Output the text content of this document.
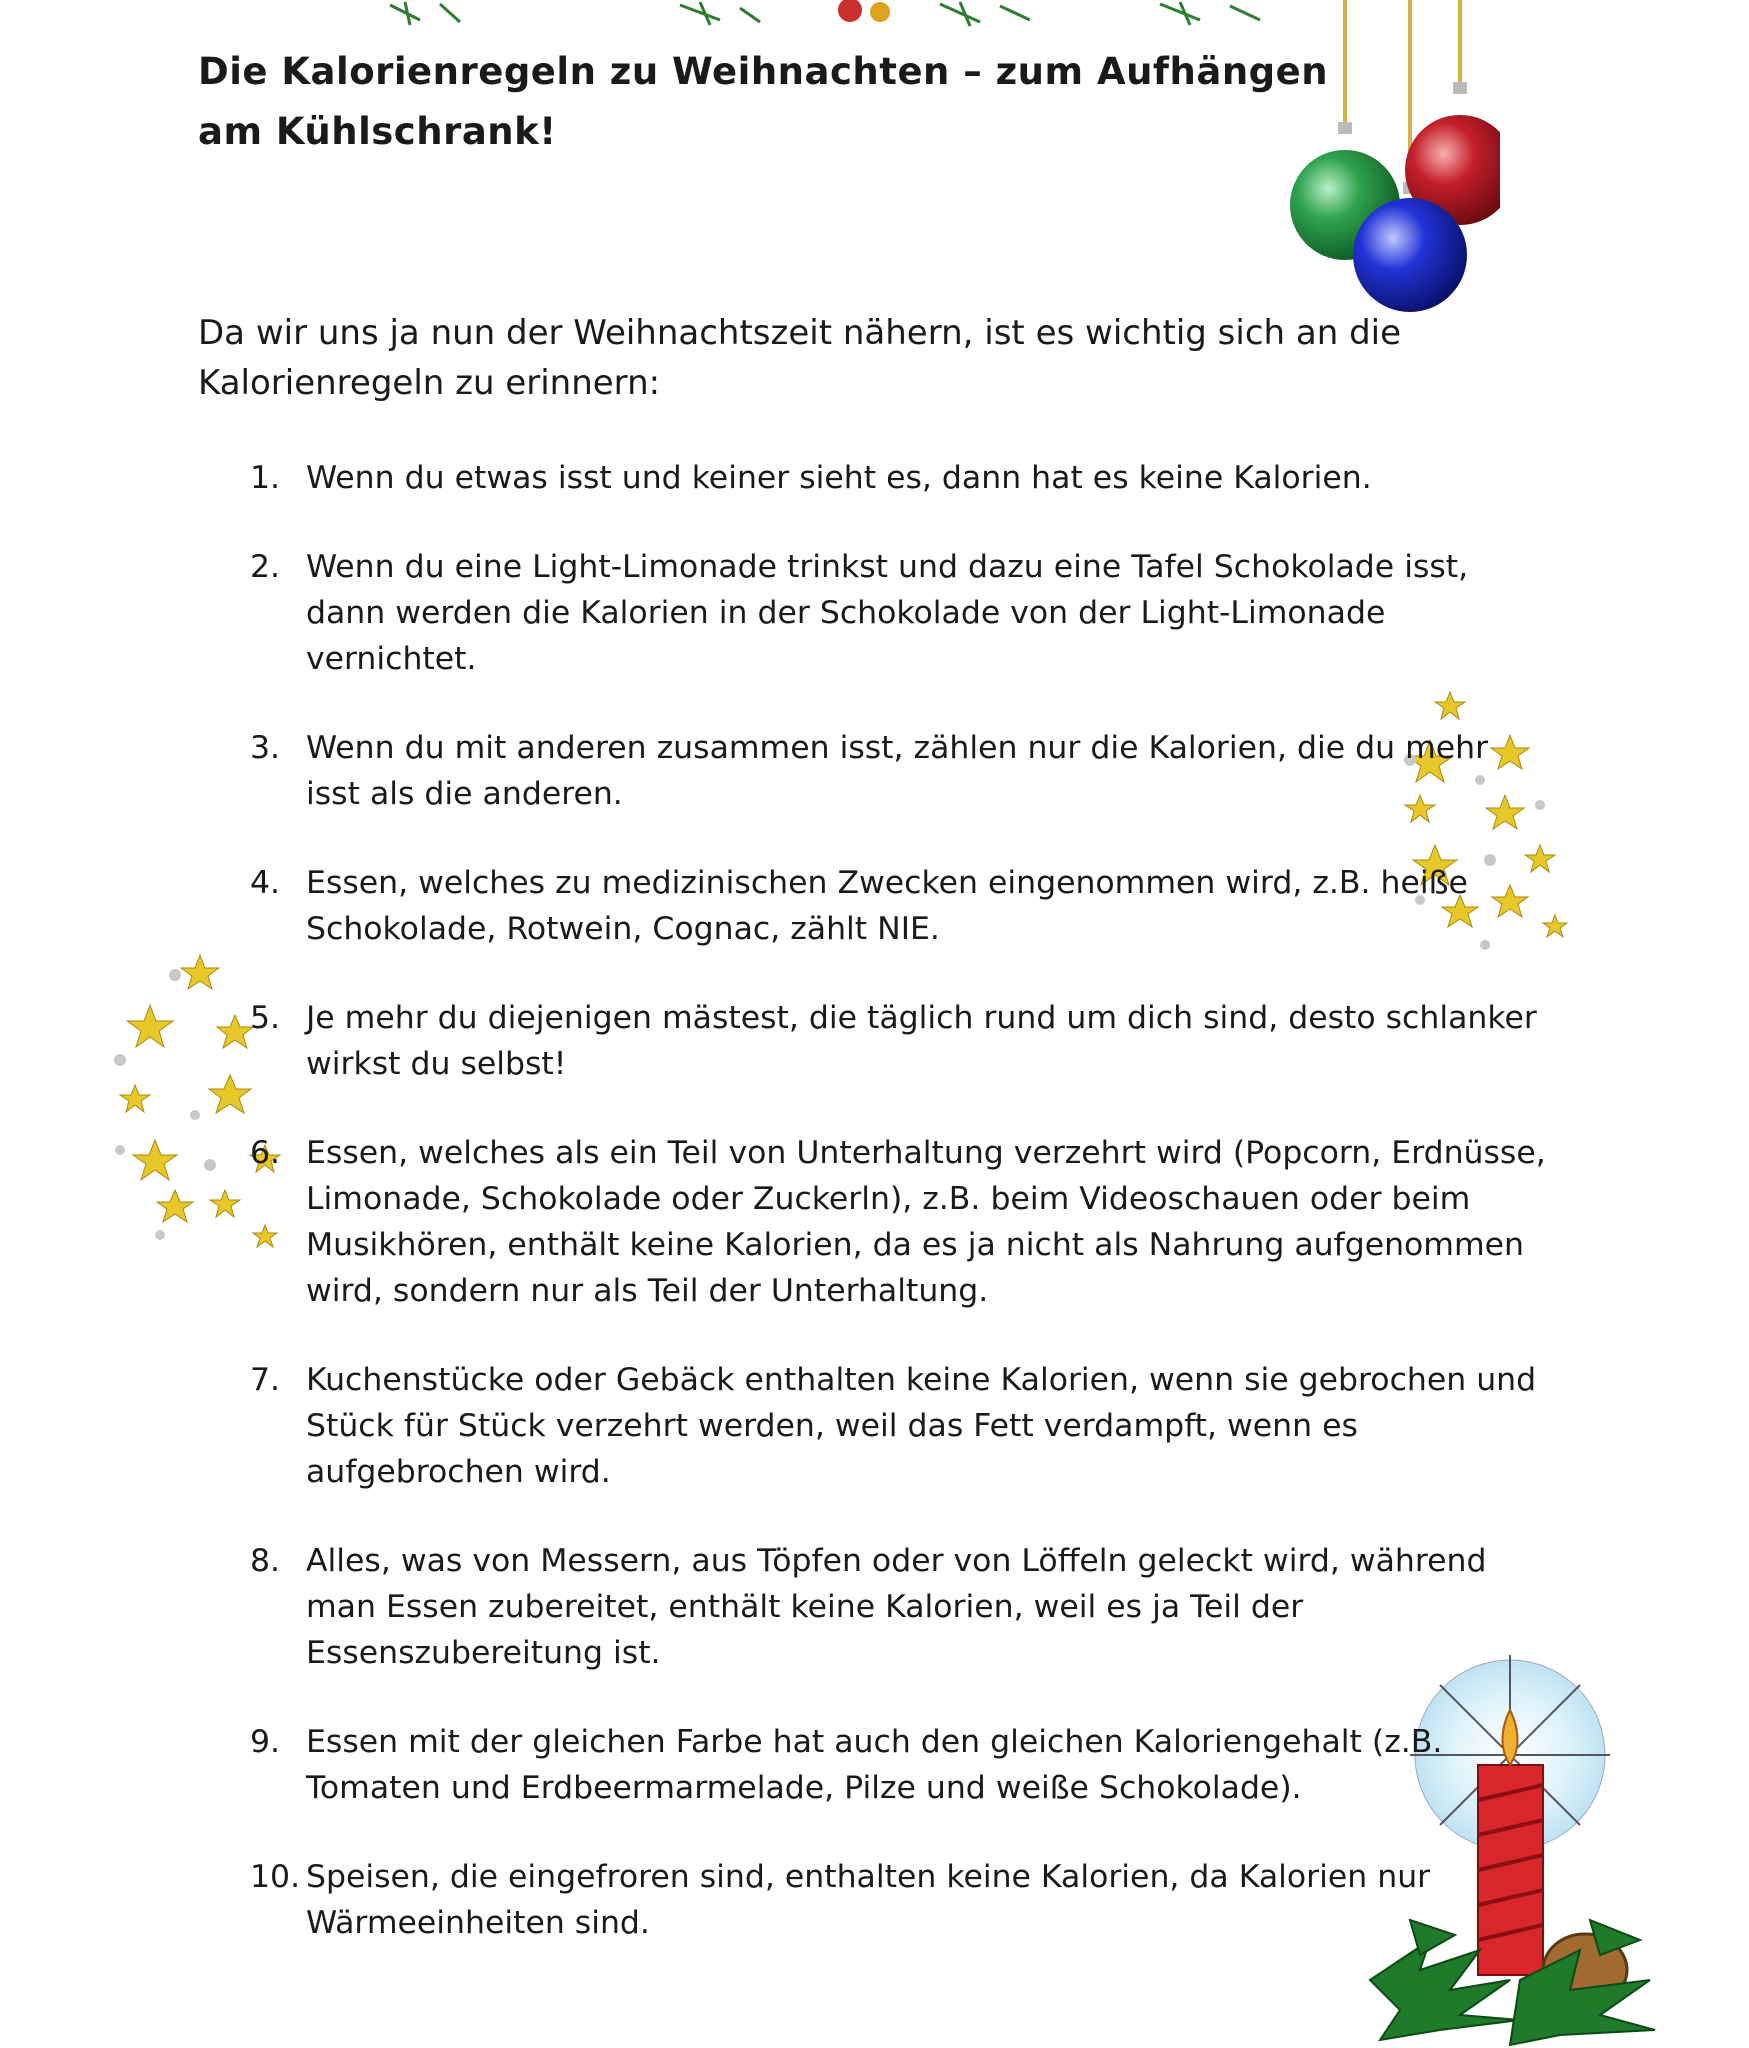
Die Kalorienregeln zu Weihnachten – zum Aufhängen am Kühlschrank!

Da wir uns ja nun der Weihnachtszeit nähern, ist es wichtig sich an die Kalorienregeln zu erinnern:

1. Wenn du etwas isst und keiner sieht es, dann hat es keine Kalorien.
2. Wenn du eine Light-Limonade trinkst und dazu eine Tafel Schokolade isst, dann werden die Kalorien in der Schokolade von der Light-Limonade vernichtet.
3. Wenn du mit anderen zusammen isst, zählen nur die Kalorien, die du mehr isst als die anderen.
4. Essen, welches zu medizinischen Zwecken eingenommen wird, z.B. heiße Schokolade, Rotwein, Cognac, zählt NIE.
5. Je mehr du diejenigen mästest, die täglich rund um dich sind, desto schlanker wirkst du selbst!
6. Essen, welches als ein Teil von Unterhaltung verzehrt wird (Popcorn, Erdnüsse, Limonade, Schokolade oder Zuckerln), z.B. beim Videoschauen oder beim Musikhören, enthält keine Kalorien, da es ja nicht als Nahrung aufgenommen wird, sondern nur als Teil der Unterhaltung.
7. Kuchenstücke oder Gebäck enthalten keine Kalorien, wenn sie gebrochen und Stück für Stück verzehrt werden, weil das Fett verdampft, wenn es aufgebrochen wird.
8. Alles, was von Messern, aus Töpfen oder von Löffeln geleckt wird, während man Essen zubereitet, enthält keine Kalorien, weil es ja Teil der Essenszubereitung ist.
9. Essen mit der gleichen Farbe hat auch den gleichen Kaloriengehalt (z.B. Tomaten und Erdbeermarmelade, Pilze und weiße Schokolade).
10. Speisen, die eingefroren sind, enthalten keine Kalorien, da Kalorien nur Wärmeeinheiten sind.
